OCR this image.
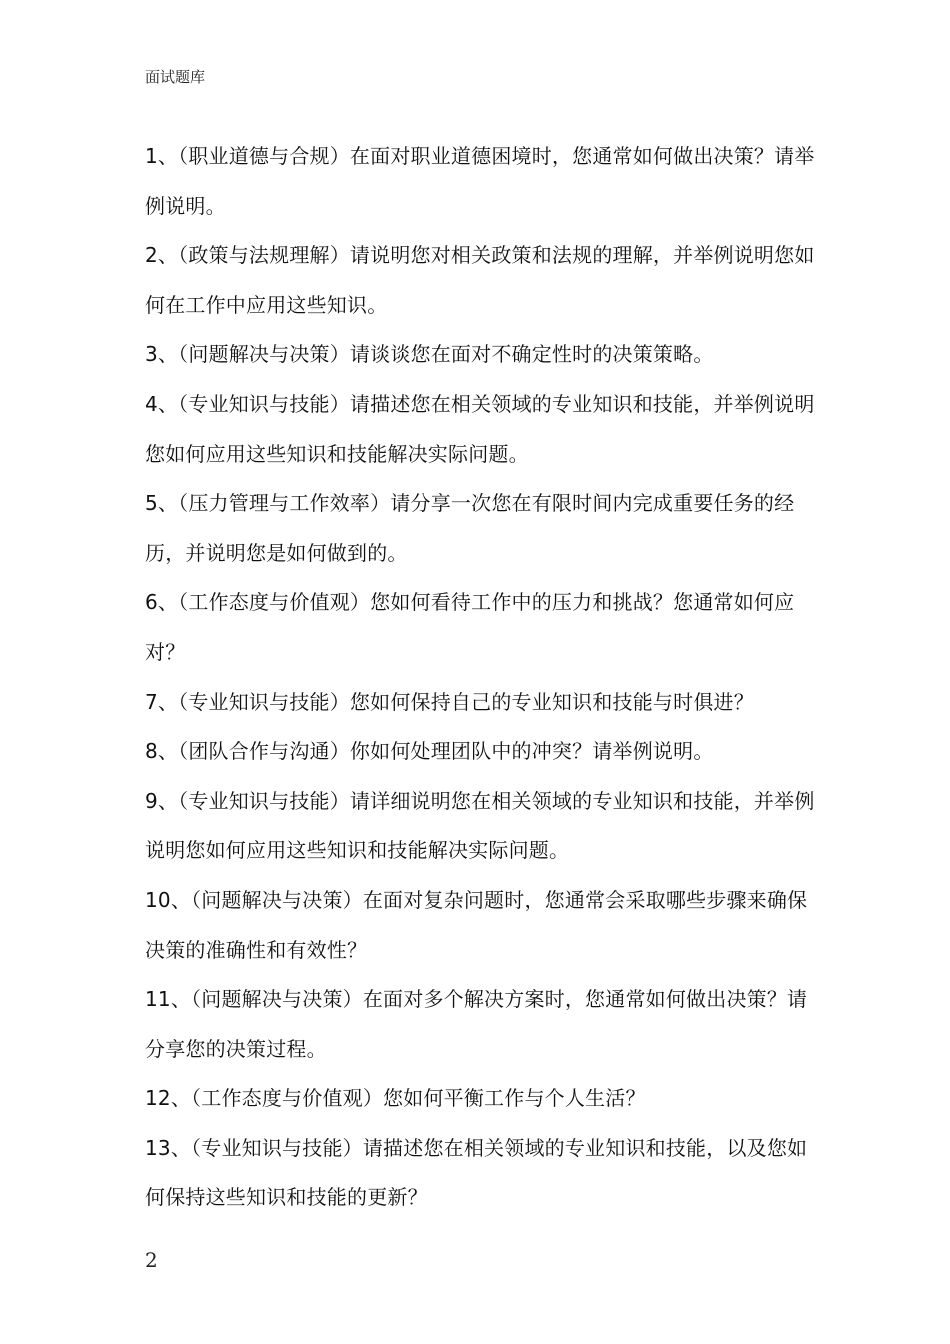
面试题库
1、（职业道德与合规）在面对职业道德困境时，您通常如何做出决策？请举例说明。
2、（政策与法规理解）请说明您对相关政策和法规的理解，并举例说明您如何在工作中应用这些知识。
3、（问题解决与决策）请谈谈您在面对不确定性时的决策策略。
4、（专业知识与技能）请描述您在相关领域的专业知识和技能，并举例说明您如何应用这些知识和技能解决实际问题。
5、（压力管理与工作效率）请分享一次您在有限时间内完成重要任务的经历，并说明您是如何做到的。
6、（工作态度与价值观）您如何看待工作中的压力和挑战？您通常如何应对？
7、（专业知识与技能）您如何保持自己的专业知识和技能与时俱进？
8、（团队合作与沟通）你如何处理团队中的冲突？请举例说明。
9、（专业知识与技能）请详细说明您在相关领域的专业知识和技能，并举例说明您如何应用这些知识和技能解决实际问题。
10、（问题解决与决策）在面对复杂问题时，您通常会采取哪些步骤来确保决策的准确性和有效性？
11、（问题解决与决策）在面对多个解决方案时，您通常如何做出决策？请分享您的决策过程。
12、（工作态度与价值观）您如何平衡工作与个人生活？
13、（专业知识与技能）请描述您在相关领域的专业知识和技能，以及您如何保持这些知识和技能的更新？
2
